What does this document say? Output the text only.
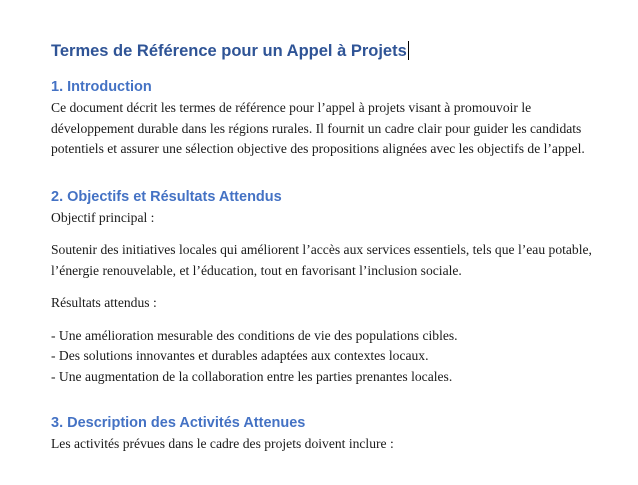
Termes de Référence pour un Appel à Projets
1. Introduction

Ce document décrit les termes de référence pour l’appel à projets visant à promouvoir le développement durable dans les régions rurales. Il fournit un cadre clair pour guider les candidats potentiels et assurer une sélection objective des propositions alignées avec les objectifs de l’appel.

2. Objectifs et Résultats Attendus

Objectif principal :

Soutenir des initiatives locales qui améliorent l’accès aux services essentiels, tels que l’eau potable, l’énergie renouvelable, et l’éducation, tout en favorisant l’inclusion sociale.

Résultats attendus :

- Une amélioration mesurable des conditions de vie des populations cibles.
- Des solutions innovantes et durables adaptées aux contextes locaux.
- Une augmentation de la collaboration entre les parties prenantes locales.
3. Description des Activités Attenues

Les activités prévues dans le cadre des projets doivent inclure :
